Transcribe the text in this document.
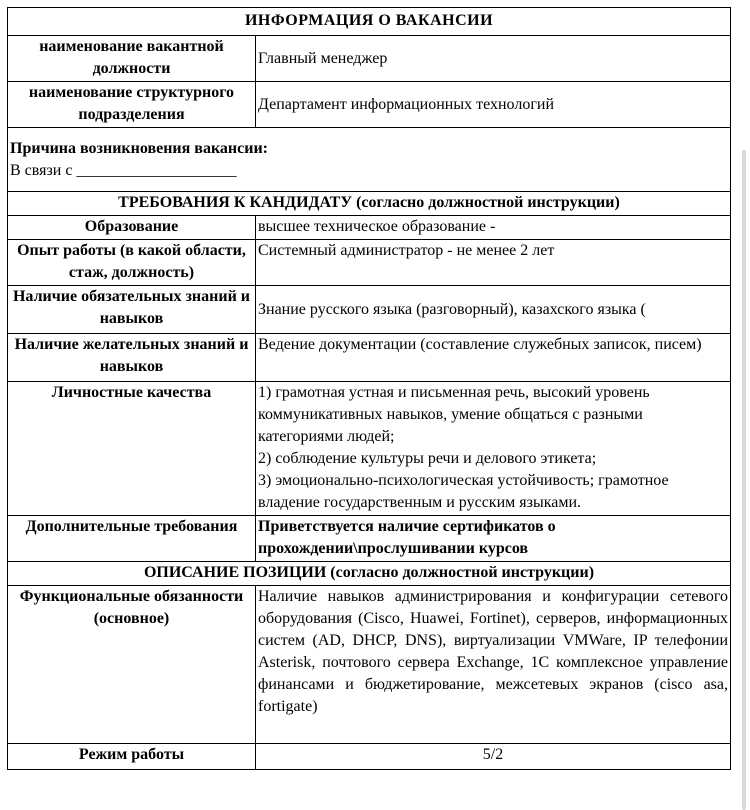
ИНФОРМАЦИЯ О ВАКАНСИИ	
наименование вакантной должности	Главный менеджер
наименование структурного подразделения	Департамент информационных технологий

Причина возникновения вакансии:
В связи с ____________________	

ТРЕБОВАНИЯ К КАНДИДАТУ (согласно должностной инструкции)	
Образование	высшее техническое образование -
Опыт работы (в какой области, стаж, должность)	Системный администратор - не менее 2 лет
Наличие обязательных знаний и навыков	Знание русского языка (разговорный), казахского языка (
Наличие желательных знаний и навыков	Ведение документации (составление служебных записок, писем)
Личностные качества	1) грамотная устная и письменная речь, высокий уровень коммуникативных навыков, умение общаться с разными категориями людей;
2) соблюдение культуры речи и делового этикета;
3) эмоционально-психологическая устойчивость; грамотное владение государственным и русским языками.

Дополнительные требования	Приветствуется наличие сертификатов о прохождении\прослушивании курсов
ОПИСАНИЕ ПОЗИЦИИ (согласно должностной инструкции)	
Функциональные обязанности (основное)	Наличие навыков администрирования и конфигурации сетевого оборудования (Cisco, Huawei, Fortinet), серверов, информационных систем (AD, DHCP, DNS), виртуализации VMWare, IP телефонии Asterisk, почтового сервера Exchange, 1С комплексное управление финансами и бюджетирование, межсетевых экранов (cisco asa, fortigate)
Режим работы	5/2
